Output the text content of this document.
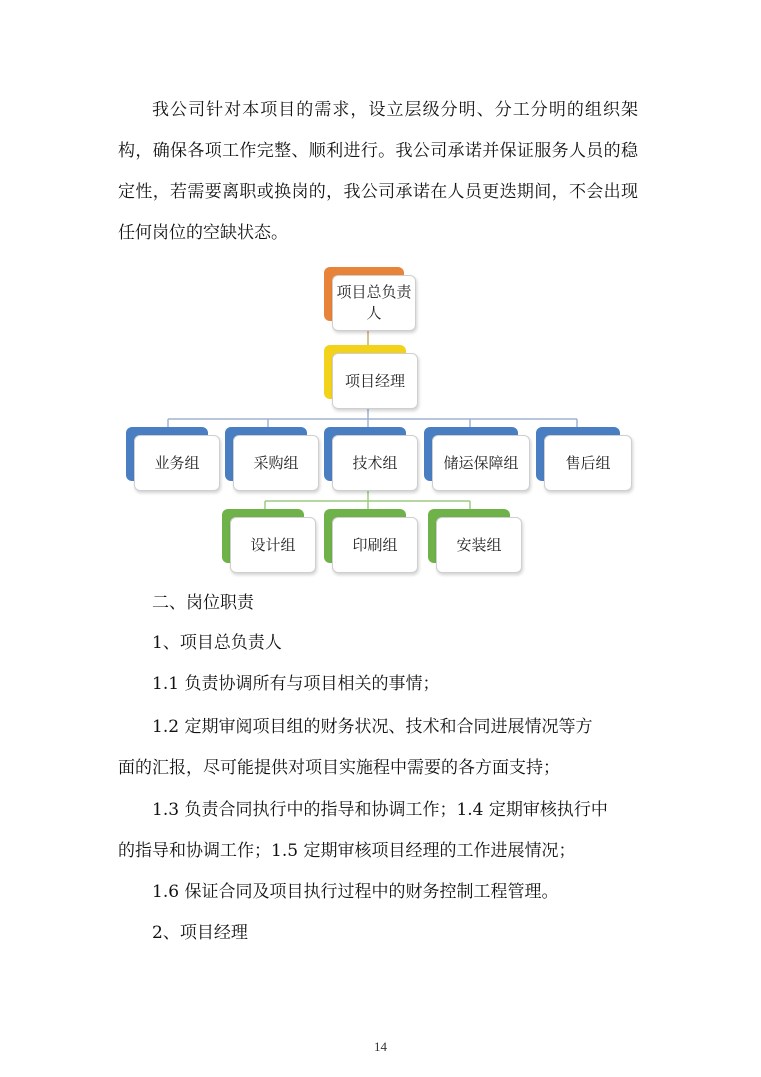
我公司针对本项目的需求，设立层级分明、分工分明的组织架构，确保各项工作完整、顺利进行。我公司承诺并保证服务人员的稳定性，若需要离职或换岗的，我公司承诺在人员更迭期间，不会出现任何岗位的空缺状态。
项目总负责人
项目经理
业务组	采购组	技术组	储运保障组	售后组
设计组	印刷组	安装组
二、岗位职责
1、项目总负责人
1.1 负责协调所有与项目相关的事情；
1.2 定期审阅项目组的财务状况、技术和合同进展情况等方
面的汇报，尽可能提供对项目实施程中需要的各方面支持；
1.3 负责合同执行中的指导和协调工作；1.4 定期审核执行中
的指导和协调工作；1.5 定期审核项目经理的工作进展情况；
1.6 保证合同及项目执行过程中的财务控制工程管理。
2、项目经理
14
